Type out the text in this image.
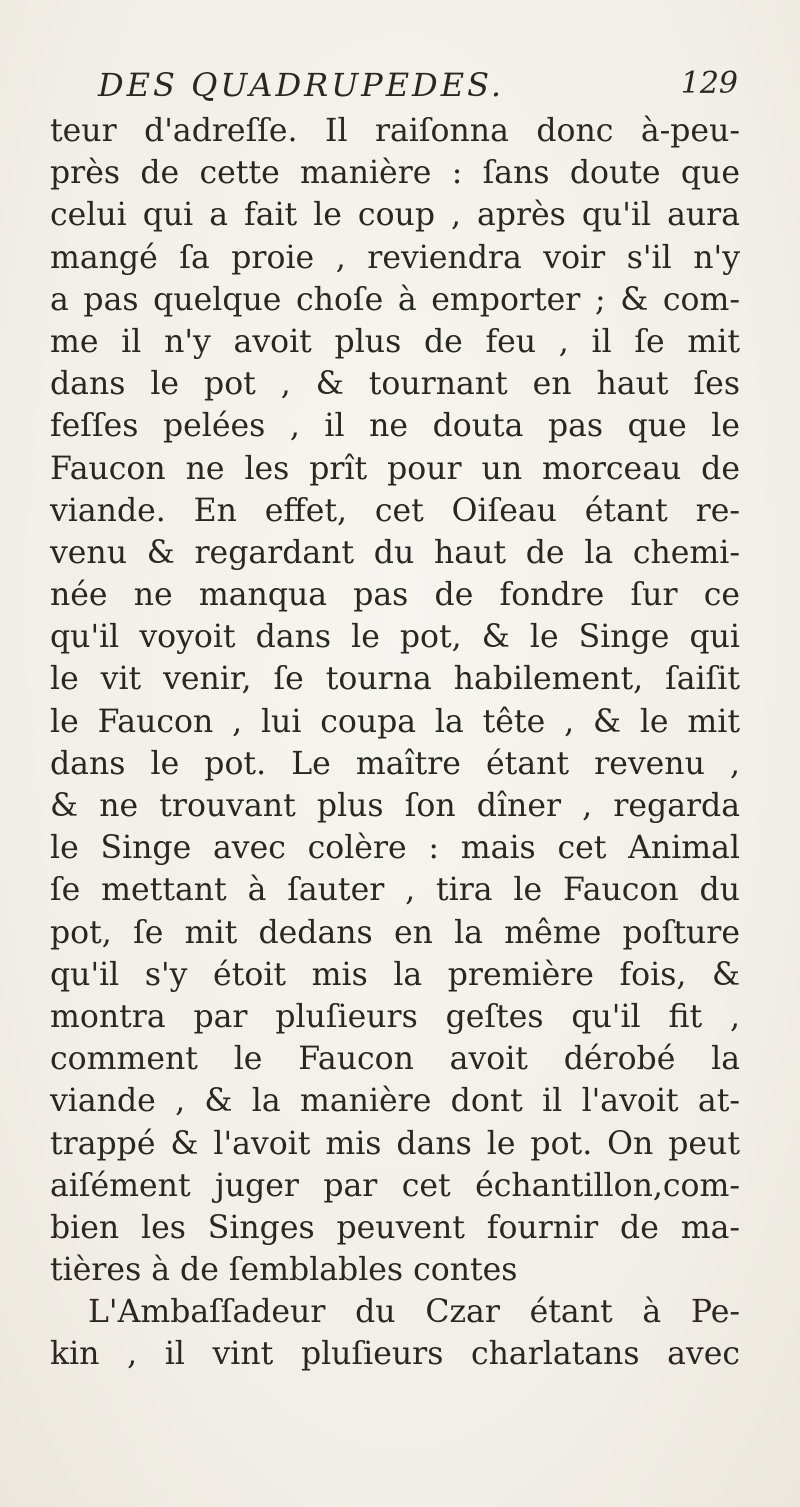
DES QUADRUPEDES.	129
teur d'adreſſe. Il raiſonna donc à-peu-
près de cette manière : ſans doute que
celui qui a fait le coup , après qu'il aura
mangé ſa proie , reviendra voir s'il n'y
a pas quelque choſe à emporter ; & com-
me il n'y avoit plus de feu , il ſe mit
dans le pot , & tournant en haut ſes
feſſes pelées , il ne douta pas que le
Faucon ne les prît pour un morceau de
viande. En effet, cet Oiſeau étant re-
venu & regardant du haut de la chemi-
née ne manqua pas de fondre ſur ce
qu'il voyoit dans le pot, & le Singe qui
le vit venir, ſe tourna habilement, ſaiſit
le Faucon , lui coupa la tête , & le mit
dans le pot. Le maître étant revenu ,
& ne trouvant plus ſon dîner , regarda
le Singe avec colère : mais cet Animal
ſe mettant à ſauter , tira le Faucon du
pot, ſe mit dedans en la même poſture
qu'il s'y étoit mis la première fois, &
montra par pluſieurs geſtes qu'il fit ,
comment le Faucon avoit dérobé la
viande , & la manière dont il l'avoit at-
trappé & l'avoit mis dans le pot. On peut
aiſément juger par cet échantillon,com-
bien les Singes peuvent fournir de ma-
tières à de ſemblables contes
L'Ambaſſadeur du Czar étant à Pe-
kin , il vint pluſieurs charlatans avec
